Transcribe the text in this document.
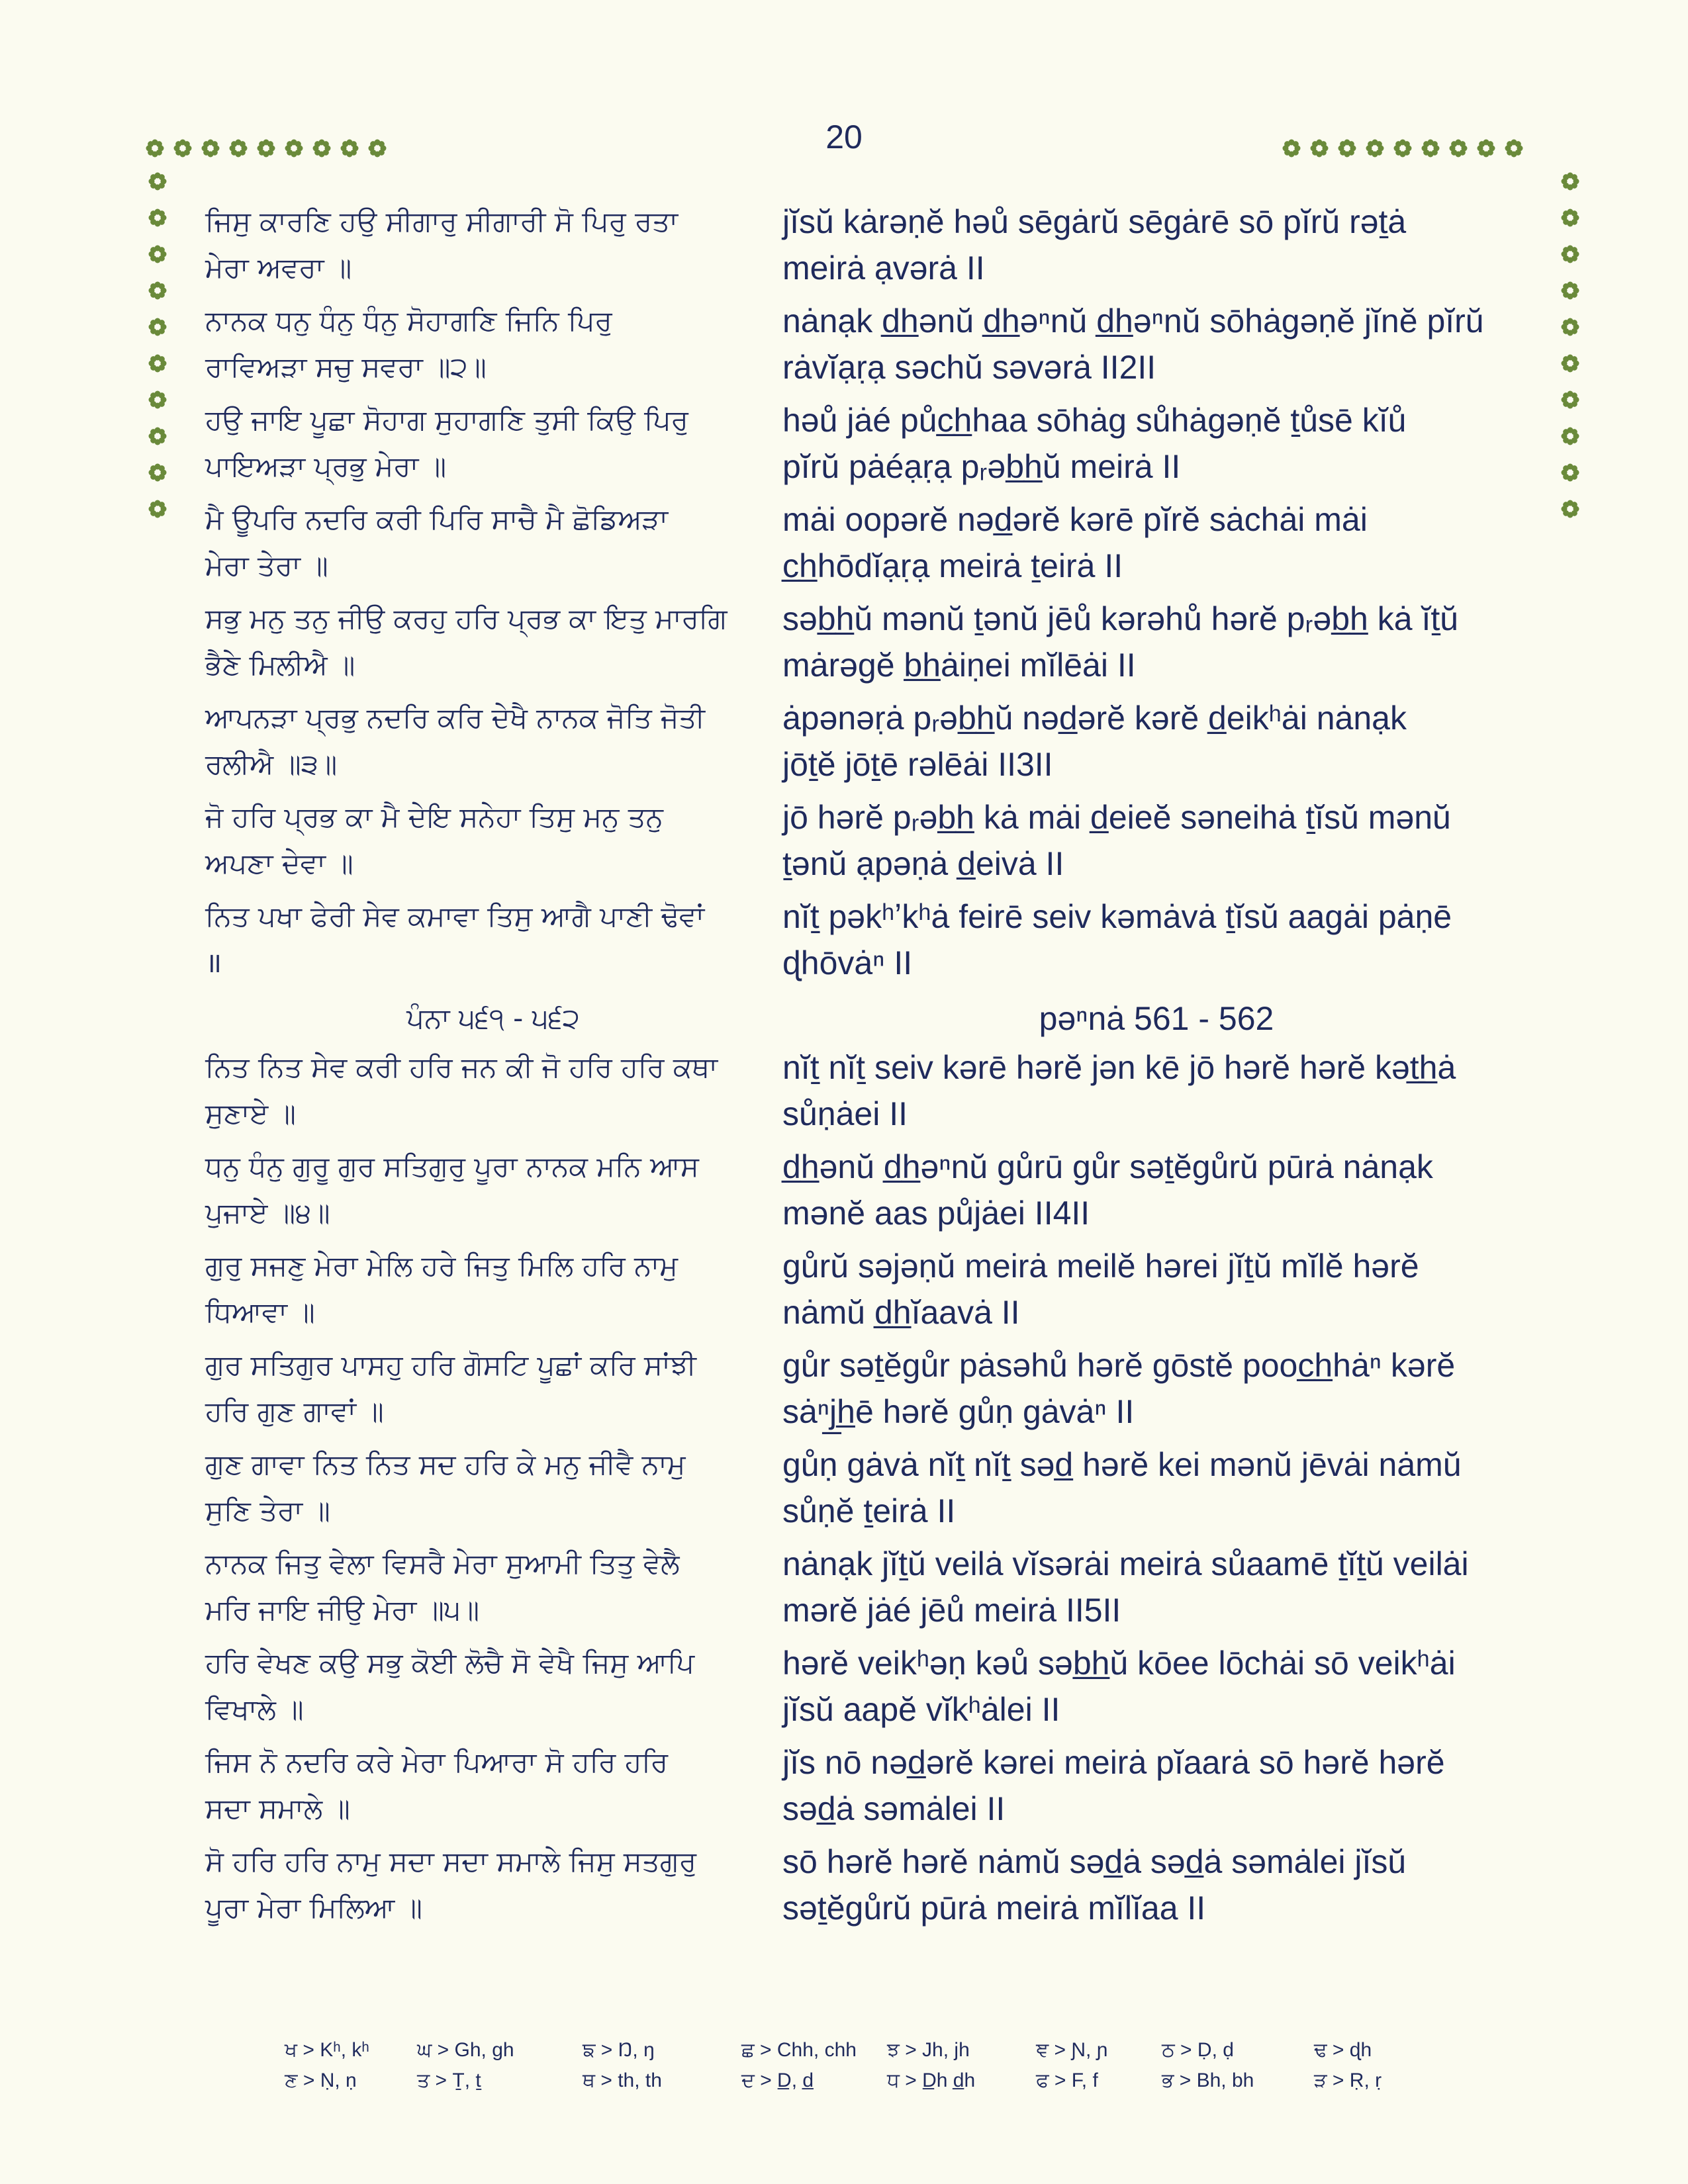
20
ਜਿਸੁ ਕਾਰਣਿ ਹਉ ਸੀਗਾਰੁ ਸੀਗਾਰੀ ਸੋ ਪਿਰੁ ਰਤਾ	jĭsŭ kȧrəṇĕ həů sēgȧrŭ sēgȧrē sō pĭrŭ rəṯȧ
ਮੇਰਾ ਅਵਰਾ ॥	meirȧ ạvərȧ II
ਨਾਨਕ ਧਨੁ ਧੰਨੁ ਧੰਨੁ ਸੋਹਾਗਣਿ ਜਿਨਿ ਪਿਰੁ	nȧnạk d̲h̲ənŭ d̲h̲əⁿnŭ d̲h̲əⁿnŭ sōhȧgəṇĕ jĭnĕ pĭrŭ
ਰਾਵਿਅੜਾ ਸਚੁ ਸਵਰਾ ॥੨॥	rȧvĭạṛạ səchŭ səvərȧ II2II
ਹਉ ਜਾਇ ਪੂਛਾ ਸੋਹਾਗ ਸੁਹਾਗਣਿ ਤੁਸੀ ਕਿਉ ਪਿਰੁ	həů jȧé půc̲h̲haa sōhȧg sůhȧgəṇĕ ṯůsē kĭů
ਪਾਇਅੜਾ ਪ੍ਰਭੁ ਮੇਰਾ ॥	pĭrŭ pȧéạṛạ pᵣəb̲h̲ŭ meirȧ II
ਮੈ ਊਪਰਿ ਨਦਰਿ ਕਰੀ ਪਿਰਿ ਸਾਚੈ ਮੈ ਛੋਡਿਅੜਾ	mȧi oopərĕ nəd̲ərĕ kərē pĭrĕ sȧchȧi mȧi
ਮੇਰਾ ਤੇਰਾ ॥	c̲h̲hōdĭạṛạ meirȧ ṯeirȧ II
ਸਭੁ ਮਨੁ ਤਨੁ ਜੀਉ ਕਰਹੁ ਹਰਿ ਪ੍ਰਭ ਕਾ ਇਤੁ ਮਾਰਗਿ	səb̲h̲ŭ mənŭ ṯənŭ jēů kərəhů hərĕ pᵣəb̲h̲ kȧ ĭṯŭ
ਭੈਣੇ ਮਿਲੀਐ ॥	mȧrəgĕ b̲h̲ȧiṇei mĭlēȧi II
ਆਪਨੜਾ ਪ੍ਰਭੁ ਨਦਰਿ ਕਰਿ ਦੇਖੈ ਨਾਨਕ ਜੋਤਿ ਜੋਤੀ	ȧpənəṛȧ pᵣəb̲h̲ŭ nəd̲ərĕ kərĕ d̲eikʰȧi nȧnạk
ਰਲੀਐ ॥੩॥	jōṯĕ jōṯē rəlēȧi II3II
ਜੋ ਹਰਿ ਪ੍ਰਭ ਕਾ ਮੈ ਦੇਇ ਸਨੇਹਾ ਤਿਸੁ ਮਨੁ ਤਨੁ	jō hərĕ pᵣəb̲h̲ kȧ mȧi d̲eieĕ səneihȧ ṯĭsŭ mənŭ
ਅਪਣਾ ਦੇਵਾ ॥	ṯənŭ ạpəṇȧ d̲eivȧ II
ਨਿਤ ਪਖਾ ਫੇਰੀ ਸੇਵ ਕਮਾਵਾ ਤਿਸੁ ਆਗੈ ਪਾਣੀ ਢੋਵਾਂ	nĭṯ pəkʰʼkʰȧ feirē seiv kəmȧvȧ ṯĭsŭ aagȧi pȧṇē
॥	ɖhōvȧⁿ II
ਪੰਨਾ ੫੬੧ - ੫੬੨	pəⁿnȧ 561 - 562
ਨਿਤ ਨਿਤ ਸੇਵ ਕਰੀ ਹਰਿ ਜਨ ਕੀ ਜੋ ਹਰਿ ਹਰਿ ਕਥਾ	nĭṯ nĭṯ seiv kərē hərĕ jən kē jō hərĕ hərĕ kət̲h̲ȧ
ਸੁਣਾਏ ॥	sůṇȧei II
ਧਨੁ ਧੰਨੁ ਗੁਰੂ ਗੁਰ ਸਤਿਗੁਰੁ ਪੂਰਾ ਨਾਨਕ ਮਨਿ ਆਸ	d̲h̲ənŭ d̲h̲əⁿnŭ gůrū gůr səṯĕgůrŭ pūrȧ nȧnạk
ਪੁਜਾਏ ॥੪॥	mənĕ aas půjȧei II4II
ਗੁਰੁ ਸਜਣੁ ਮੇਰਾ ਮੇਲਿ ਹਰੇ ਜਿਤੁ ਮਿਲਿ ਹਰਿ ਨਾਮੁ	gůrŭ səjəṇŭ meirȧ meilĕ hərei jĭṯŭ mĭlĕ hərĕ
ਧਿਆਵਾ ॥	nȧmŭ d̲h̲ĭaavȧ II
ਗੁਰ ਸਤਿਗੁਰ ਪਾਸਹੁ ਹਰਿ ਗੋਸਟਿ ਪੂਛਾਂ ਕਰਿ ਸਾਂਝੀ	gůr səṯĕgůr pȧsəhů hərĕ gōstĕ pooc̲h̲hȧⁿ kərĕ
ਹਰਿ ਗੁਣ ਗਾਵਾਂ ॥	sȧⁿj̲h̲ē hərĕ gůṇ gȧvȧⁿ II
ਗੁਣ ਗਾਵਾ ਨਿਤ ਨਿਤ ਸਦ ਹਰਿ ਕੇ ਮਨੁ ਜੀਵੈ ਨਾਮੁ	gůṇ gȧvȧ nĭṯ nĭṯ səd̲ hərĕ kei mənŭ jēvȧi nȧmŭ
ਸੁਣਿ ਤੇਰਾ ॥	sůṇĕ ṯeirȧ II
ਨਾਨਕ ਜਿਤੁ ਵੇਲਾ ਵਿਸਰੈ ਮੇਰਾ ਸੁਆਮੀ ਤਿਤੁ ਵੇਲੈ	nȧnạk jĭṯŭ veilȧ vĭsərȧi meirȧ sůaamē ṯĭṯŭ veilȧi
ਮਰਿ ਜਾਇ ਜੀਉ ਮੇਰਾ ॥੫॥	mərĕ jȧé jēů meirȧ II5II
ਹਰਿ ਵੇਖਣ ਕਉ ਸਭੁ ਕੋਈ ਲੋਚੈ ਸੋ ਵੇਖੈ ਜਿਸੁ ਆਪਿ	hərĕ veikʰəṇ kəů səb̲h̲ŭ kōee lōchȧi sō veikʰȧi
ਵਿਖਾਲੇ ॥	jĭsŭ aapĕ vĭkʰȧlei II
ਜਿਸ ਨੋ ਨਦਰਿ ਕਰੇ ਮੇਰਾ ਪਿਆਰਾ ਸੋ ਹਰਿ ਹਰਿ	jĭs nō nəd̲ərĕ kərei meirȧ pĭaarȧ sō hərĕ hərĕ
ਸਦਾ ਸਮਾਲੇ ॥	səd̲ȧ səmȧlei II
ਸੋ ਹਰਿ ਹਰਿ ਨਾਮੁ ਸਦਾ ਸਦਾ ਸਮਾਲੇ ਜਿਸੁ ਸਤਗੁਰੁ	sō hərĕ hərĕ nȧmŭ səd̲ȧ səd̲ȧ səmȧlei jĭsŭ
ਪੂਰਾ ਮੇਰਾ ਮਿਲਿਆ ॥	səṯĕgůrŭ pūrȧ meirȧ mĭlĭaa II
ਖ > Kʰ, kʰ	ਘ > Gh, gh	ਙ > Ŋ, ŋ	ਛ > Chh, chh	ਝ > Jh, jh	ਞ > Ɲ, ɲ	ਠ > Ḍ, ḍ	ਢ > ɖh
ਣ > Ṇ, ṇ	ਤ > Ṯ, ṯ	ਥ > th, th	ਦ > D̲, d̲	ਧ > D̲h d̲h	ਫ > F, f	ਭ > Bh, bh	ੜ > Ṛ, ṛ
